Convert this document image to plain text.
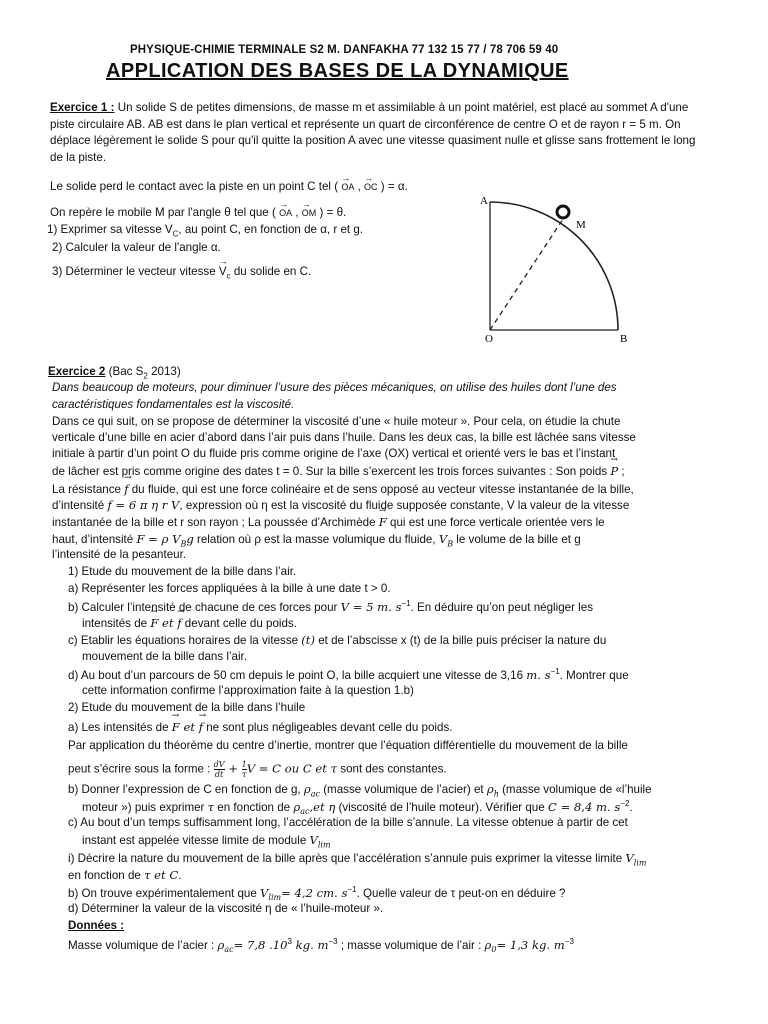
PHYSIQUE-CHIMIE TERMINALE S2 M. DANFAKHA 77 132 15 77 / 78 706 59 40
APPLICATION DES BASES DE LA DYNAMIQUE

Exercice 1 : Un solide S de petites dimensions, de masse m et assimilable à un point matériel, est placé au sommet A d'une piste circulaire AB. AB est dans le plan vertical et représente un quart de circonférence de centre O et de rayon r = 5 m. On déplace légèrement le solide S pour qu'il quitte la position A avec une vitesse quasiment nulle et glisse sans frottement le long de la piste.

Le solide perd le contact avec la piste en un point C tel ( → OA , → OC ) = α.
On repère le mobile M par l'angle θ tel que ( → OA , → OM ) = θ.
1) Exprimer sa vitesse $V_C$, au point C, en fonction de α, r et g.
2) Calculer la valeur de l'angle α.
3) Déterminer le vecteur vitesse → $V_c$ du solide en C.
A
M
O	B
Exercice 2 (Bac $S_2$ 2013)
Dans beaucoup de moteurs, pour diminuer l’usure des pièces mécaniques, on utilise des huiles dont l’une des
caractéristiques fondamentales est la viscosité.
Dans ce qui suit, on se propose de déterminer la viscosité d’une « huile moteur ». Pour cela, on étudie la chute
verticale d’une bille en acier d’abord dans l’air puis dans l’huile. Dans les deux cas, la bille est lâchée sans vitesse
initiale à partir d’un point O du fluide pris comme origine de l’axe (OX) vertical et orienté vers le bas et l’instant
de lâcher est pris comme origine des dates t = 0. Sur la bille s’exercent les trois forces suivantes : Son poids → P ;
La résistance → f du fluide, qui est une force colinéaire et de sens opposé au vecteur vitesse instantanée de la bille,
d’intensité f = 6 π η r V, expression où η est la viscosité du fluide supposée constante, V la valeur de la vitesse
instantanée de la bille et r son rayon ; La poussée d’Archimède → F qui est une force verticale orientée vers le
haut, d’intensité F = ρ $V_Bg$ relation où ρ est la masse volumique du fluide, $V_B$ le volume de la bille et g
l’intensité de la pesanteur.
1) Etude du mouvement de la bille dans l’air.
a) Représenter les forces appliquées à la bille à une date t > 0.
b) Calculer l’intensité de chacune de ces forces pour V = 5 m. $s^{-1}$. En déduire qu’on peut négliger les
intensités de → F et → f devant celle du poids.
c) Etablir les équations horaires de la vitesse (t) et de l’abscisse x (t) de la bille puis préciser la nature du
mouvement de la bille dans l’air.
d) Au bout d’un parcours de 50 cm depuis le point O, la bille acquiert une vitesse de 3,16 m. $s^{-1}$. Montrer que
cette information confirme l’approximation faite à la question 1.b)
2) Etude du mouvement de la bille dans l’huile
a) Les intensités de → F et → f ne sont plus négligeables devant celle du poids.
Par application du théorème du centre d’inertie, montrer que l’équation différentielle du mouvement de la bille
peut s’écrire sous la forme : $\frac{dV}{dt} + \frac{1}{\tau}$ V = C ou C et τ sont des constantes.
b) Donner l’expression de C en fonction de g, $\rho_{ac}$ (masse volumique de l’acier) et $\rho_h$ (masse volumique de «l’huile
moteur ») puis exprimer τ en fonction de $\rho_{ac},et$ η (viscosité de l’huile moteur). Vérifier que C = 8,4 m. $s^{-2}$.
c) Au bout d’un temps suffisamment long, l’accélération de la bille s’annule. La vitesse obtenue à partir de cet
instant est appelée vitesse limite de module $V_{lim}$
i) Décrire la nature du mouvement de la bille après que l’accélération s’annule puis exprimer la vitesse limite $V_{lim}$
en fonction de τ et C.
b) On trouve expérimentalement que $V_{lim}= 4,2$ cm. $s^{-1}$. Quelle valeur de τ peut-on en déduire ?
d) Déterminer la valeur de la viscosité η de « l’huile-moteur ».
Données :
Masse volumique de l’acier : $\rho_{ac}= 7,8$ $.10^3$ kg. $m^{-3}$ ; masse volumique de l’air : $\rho_0= 1,3$ kg. $m^{-3}$
